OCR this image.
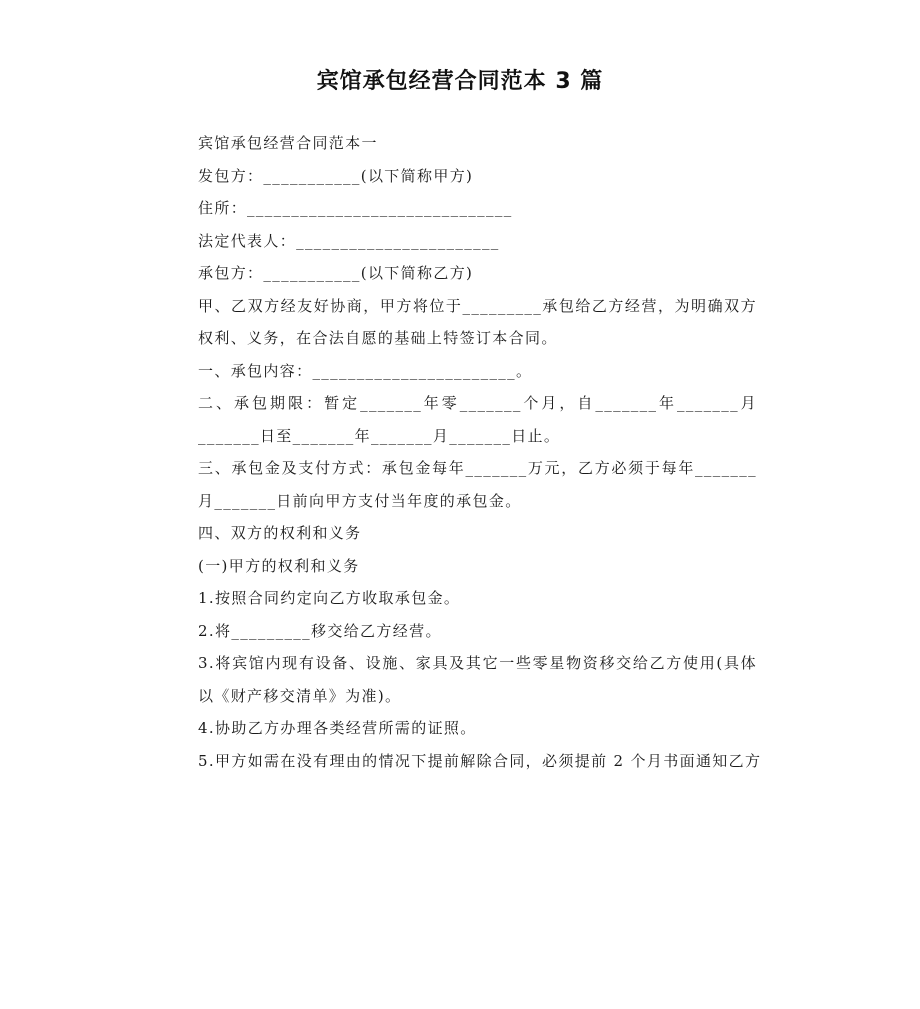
宾馆承包经营合同范本 3 篇

宾馆承包经营合同范本一

发包方：___________(以下简称甲方)

住所：______________________________

法定代表人：_______________________

承包方：___________(以下简称乙方)

甲、乙双方经友好协商，甲方将位于_________承包给乙方经营，为明确双方权利、义务，在合法自愿的基础上特签订本合同。

一、承包内容：_______________________。

二、承包期限：暂定_______年零_______个月，自_______年_______月_______日至_______年_______月_______日止。

三、承包金及支付方式：承包金每年_______万元，乙方必须于每年_______月_______日前向甲方支付当年度的承包金。

四、双方的权利和义务

(一)甲方的权利和义务

1.按照合同约定向乙方收取承包金。

2.将_________移交给乙方经营。

3.将宾馆内现有设备、设施、家具及其它一些零星物资移交给乙方使用(具体以《财产移交清单》为准)。

4.协助乙方办理各类经营所需的证照。

5.甲方如需在没有理由的情况下提前解除合同，必须提前 2 个月书面通知乙方
